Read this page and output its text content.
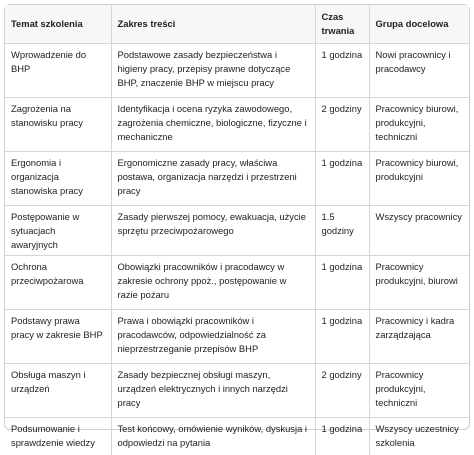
Temat szkolenia	Zakres treści	Czas trwania	Grupa docelowa
Wprowadzenie do BHP	Podstawowe zasady bezpieczeństwa i higieny pracy, przepisy prawne dotyczące BHP, znaczenie BHP w miejscu pracy	1 godzina	Nowi pracownicy i pracodawcy
Zagrożenia na stanowisku pracy	Identyfikacja i ocena ryzyka zawodowego, zagrożenia chemiczne, biologiczne, fizyczne i mechaniczne	2 godziny	Pracownicy biurowi, produkcyjni, techniczni
Ergonomia i organizacja stanowiska pracy	Ergonomiczne zasady pracy, właściwa postawa, organizacja narzędzi i przestrzeni pracy	1 godzina	Pracownicy biurowi, produkcyjni
Postępowanie w sytuacjach awaryjnych	Zasady pierwszej pomocy, ewakuacja, użycie sprzętu przeciwpożarowego	1.5 godziny	Wszyscy pracownicy
Ochrona przeciwpożarowa	Obowiązki pracowników i pracodawcy w zakresie ochrony ppoż., postępowanie w razie pożaru	1 godzina	Pracownicy produkcyjni, biurowi
Podstawy prawa pracy w zakresie BHP	Prawa i obowiązki pracowników i pracodawców, odpowiedzialność za nieprzestrzeganie przepisów BHP	1 godzina	Pracownicy i kadra zarządzająca
Obsługa maszyn i urządzeń	Zasady bezpiecznej obsługi maszyn, urządzeń elektrycznych i innych narzędzi pracy	2 godziny	Pracownicy produkcyjni, techniczni
Podsumowanie i sprawdzenie wiedzy	Test końcowy, omówienie wyników, dyskusja i odpowiedzi na pytania	1 godzina	Wszyscy uczestnicy szkolenia
